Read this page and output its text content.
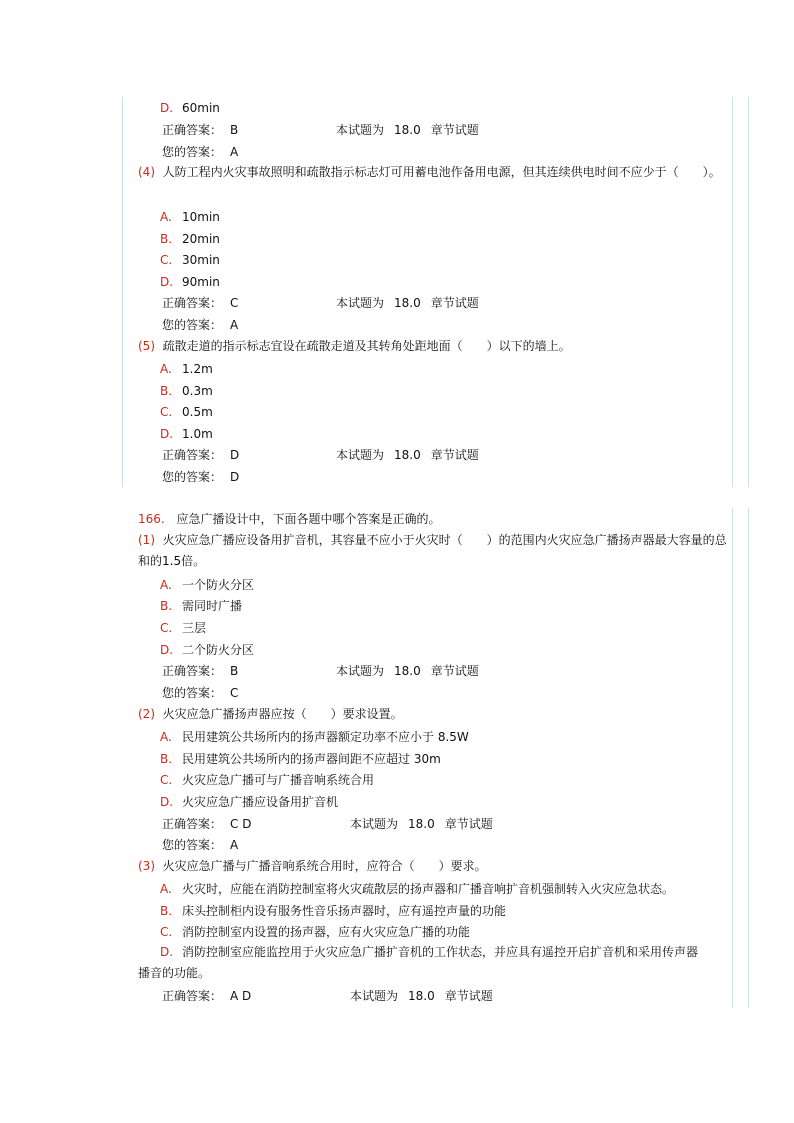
D. 60min
正确答案： B	本试题为 18.0 章节试题
您的答案： A
(4) 人防工程内火灾事故照明和疏散指示标志灯可用蓄电池作备用电源，但其连续供电时间不应少于（　　）。
A. 10min
B. 20min
C. 30min
D. 90min
正确答案： C	本试题为 18.0 章节试题
您的答案： A
(5) 疏散走道的指示标志宜设在疏散走道及其转角处距地面（　　）以下的墙上。
A. 1.2m
B. 0.3m
C. 0.5m
D. 1.0m
正确答案： D	本试题为 18.0 章节试题
您的答案： D
166. 应急广播设计中，下面各题中哪个答案是正确的。
(1) 火灾应急广播应设备用扩音机，其容量不应小于火灾时（　　）的范围内火灾应急广播扬声器最大容量的总和的1.5倍。
A. 一个防火分区
B. 需同时广播
C. 三层
D. 二个防火分区
正确答案： B	本试题为 18.0 章节试题
您的答案： C
(2) 火灾应急广播扬声器应按（　　）要求设置。
A. 民用建筑公共场所内的扬声器额定功率不应小于 8.5W
B. 民用建筑公共场所内的扬声器间距不应超过 30m
C. 火灾应急广播可与广播音响系统合用
D. 火灾应急广播应设备用扩音机
正确答案： C D	本试题为 18.0 章节试题
您的答案： A
(3) 火灾应急广播与广播音响系统合用时，应符合（　　）要求。
A. 火灾时，应能在消防控制室将火灾疏散层的扬声器和广播音响扩音机强制转入火灾应急状态。
B. 床头控制柜内设有服务性音乐扬声器时，应有遥控声量的功能
C. 消防控制室内设置的扬声器，应有火灾应急广播的功能
D. 消防控制室应能监控用于火灾应急广播扩音机的工作状态，并应具有遥控开启扩音机和采用传声器播音的功能。
正确答案： A D	本试题为 18.0 章节试题
